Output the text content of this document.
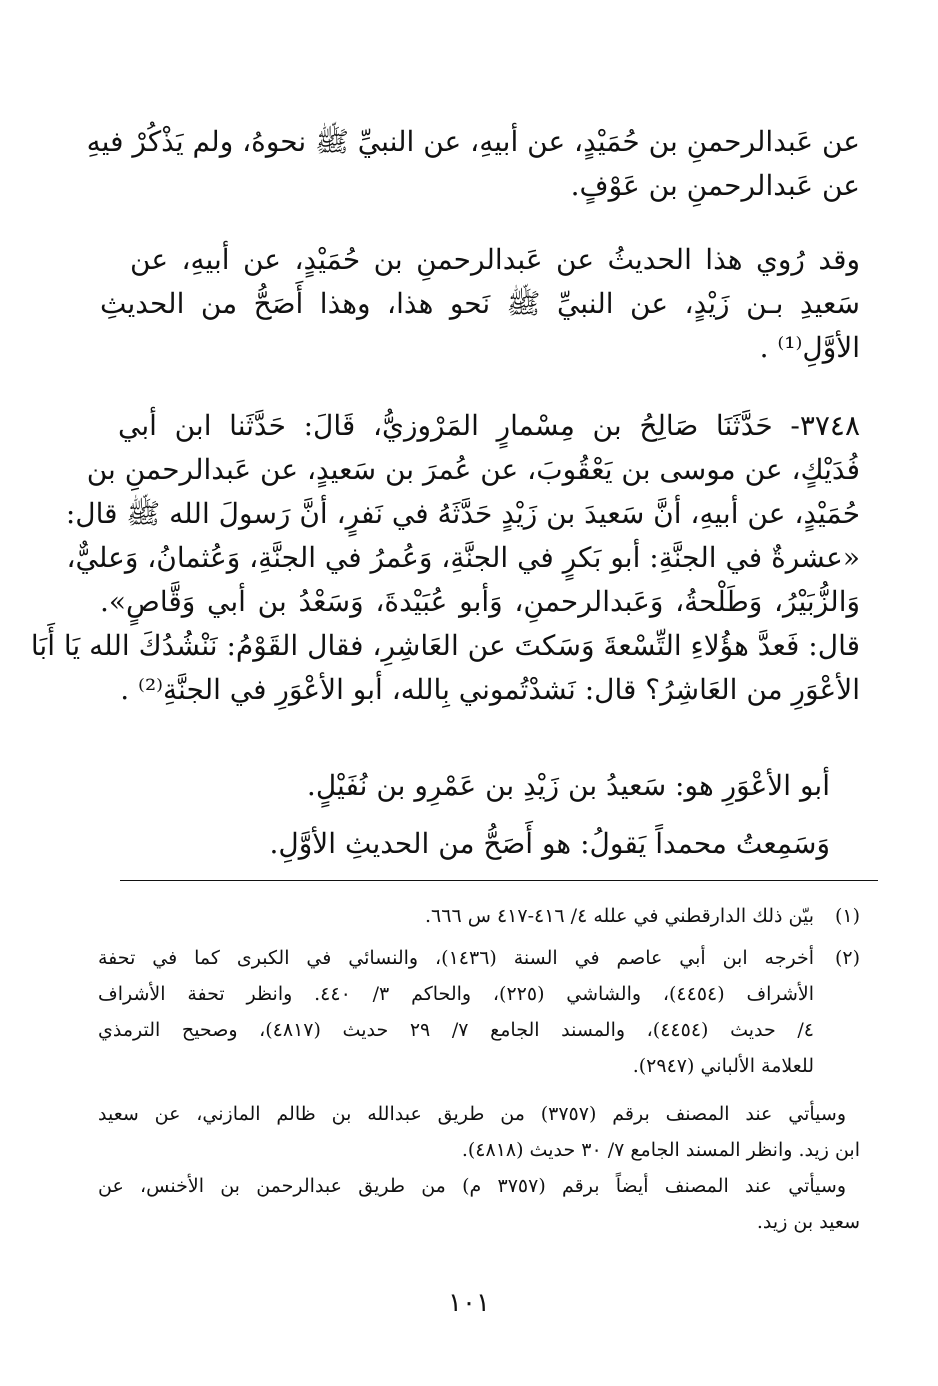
عن عَبدالرحمنِ بن حُمَيْدٍ، عن أبيهِ، عن النبيِّ ﷺ نحوهُ، ولم يَذْكُرْ فيهِ
عن عَبدالرحمنِ بن عَوْفٍ.
وقد رُوي هذا الحديثُ عن عَبدالرحمنِ بن حُمَيْدٍ، عن أبيهِ، عن
سَعيدِ بـن زَيْدٍ، عن النبيِّ ﷺ نَحو هذا، وهذا أَصَحُّ من الحديثِ
الأوَّلِ⁽¹⁾ .
٣٧٤٨- حَدَّثَنَا صَالِحُ بن مِسْمارٍ المَرْوزيُّ، قَالَ: حَدَّثَنا ابن أبي
فُدَيْكٍ، عن موسى بن يَعْقُوبَ، عن عُمرَ بن سَعيدٍ، عن عَبدالرحمنِ بن
حُمَيْدٍ، عن أبيهِ، أنَّ سَعيدَ بن زَيْدٍ حَدَّثَهُ في نَفرٍ، أنَّ رَسولَ الله ﷺ قال:
«عشرةٌ في الجنَّةِ: أبو بَكرٍ في الجنَّةِ، وَعُمرُ في الجنَّةِ، وَعُثمانُ، وَعليٌّ،
وَالزُّبَيْرُ، وَطَلْحةُ، وَعَبدالرحمنِ، وَأبو عُبَيْدةَ، وَسَعْدُ بن أبي وَقَّاصٍ».
قال: فَعدَّ هؤُلاءِ التِّسْعةَ وَسَكتَ عن العَاشِرِ، فقال القَوْمُ: نَنْشُدُكَ الله يَا أَبَا
الأعْوَرِ من العَاشِرُ؟ قال: نَشدْتُموني بِالله، أبو الأعْوَرِ في الجنَّةِ⁽²⁾ .
أبو الأعْوَرِ هو: سَعيدُ بن زَيْدِ بن عَمْرِو بن نُفَيْلٍ.
وَسَمِعتُ محمداً يَقولُ: هو أَصَحُّ من الحديثِ الأوَّلِ.
(١)
بيّن ذلك الدارقطني في علله ٤/ ٤١٦-٤١٧ س ٦٦٦.
(٢)
أخرجه ابن أبي عاصم في السنة (١٤٣٦)، والنسائي في الكبرى كما في تحفة
الأشراف (٤٤٥٤)، والشاشي (٢٢٥)، والحاكم ٣/ ٤٤٠. وانظر تحفة الأشراف
٤/ حديث (٤٤٥٤)، والمسند الجامع ٧/ ٢٩ حديث (٤٨١٧)، وصحيح الترمذي
للعلامة الألباني (٢٩٤٧).
وسيأتي عند المصنف برقم (٣٧٥٧) من طريق عبدالله بن ظالم المازني، عن سعيد
ابن زيد. وانظر المسند الجامع ٧/ ٣٠ حديث (٤٨١٨).
وسيأتي عند المصنف أيضاً برقم (٣٧٥٧ م) من طريق عبدالرحمن بن الأخنس، عن
سعيد بن زيد.
١٠١
